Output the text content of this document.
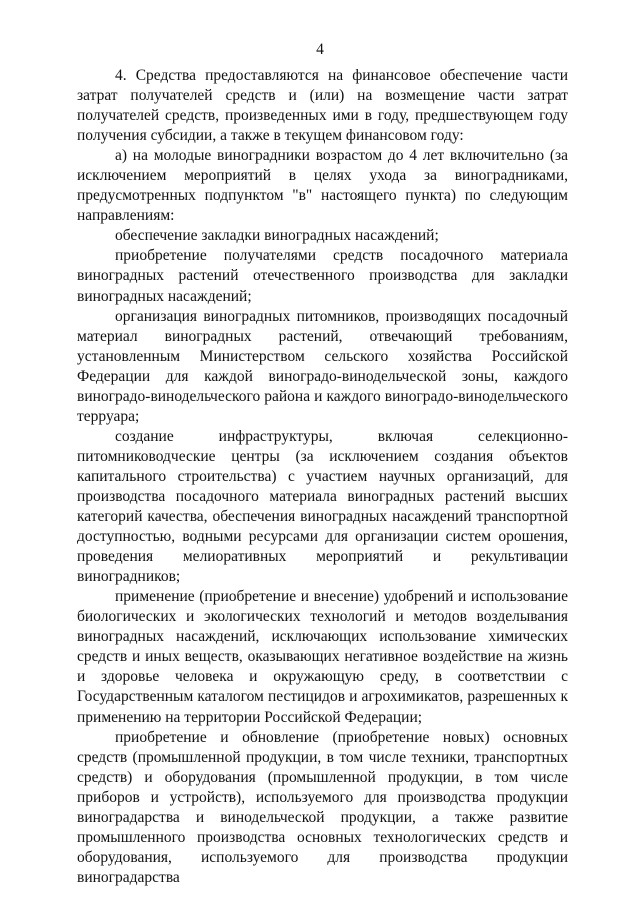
4

4. Средства предоставляются на финансовое обеспечение части затрат получателей средств и (или) на возмещение части затрат получателей средств, произведенных ими в году, предшествующем году получения субсидии, а также в текущем финансовом году:

а) на молодые виноградники возрастом до 4 лет включительно (за исключением мероприятий в целях ухода за виноградниками, предусмотренных подпунктом "в" настоящего пункта) по следующим направлениям:

обеспечение закладки виноградных насаждений;

приобретение получателями средств посадочного материала виноградных растений отечественного производства для закладки виноградных насаждений;

организация виноградных питомников, производящих посадочный материал виноградных растений, отвечающий требованиям, установленным Министерством сельского хозяйства Российской Федерации для каждой виноградо-винодельческой зоны, каждого виноградо-винодельческого района и каждого виноградо-винодельческого терруара;

создание инфраструктуры, включая селекционно-питомниководческие центры (за исключением создания объектов капитального строительства) с участием научных организаций, для производства посадочного материала виноградных растений высших категорий качества, обеспечения виноградных насаждений транспортной доступностью, водными ресурсами для организации систем орошения, проведения мелиоративных мероприятий и рекультивации виноградников;

применение (приобретение и внесение) удобрений и использование биологических и экологических технологий и методов возделывания виноградных насаждений, исключающих использование химических средств и иных веществ, оказывающих негативное воздействие на жизнь и здоровье человека и окружающую среду, в соответствии с Государственным каталогом пестицидов и агрохимикатов, разрешенных к применению на территории Российской Федерации;

приобретение и обновление (приобретение новых) основных средств (промышленной продукции, в том числе техники, транспортных средств) и оборудования (промышленной продукции, в том числе приборов и устройств), используемого для производства продукции виноградарства и винодельческой продукции, а также развитие промышленного производства основных технологических средств и оборудования, используемого для производства продукции виноградарства
